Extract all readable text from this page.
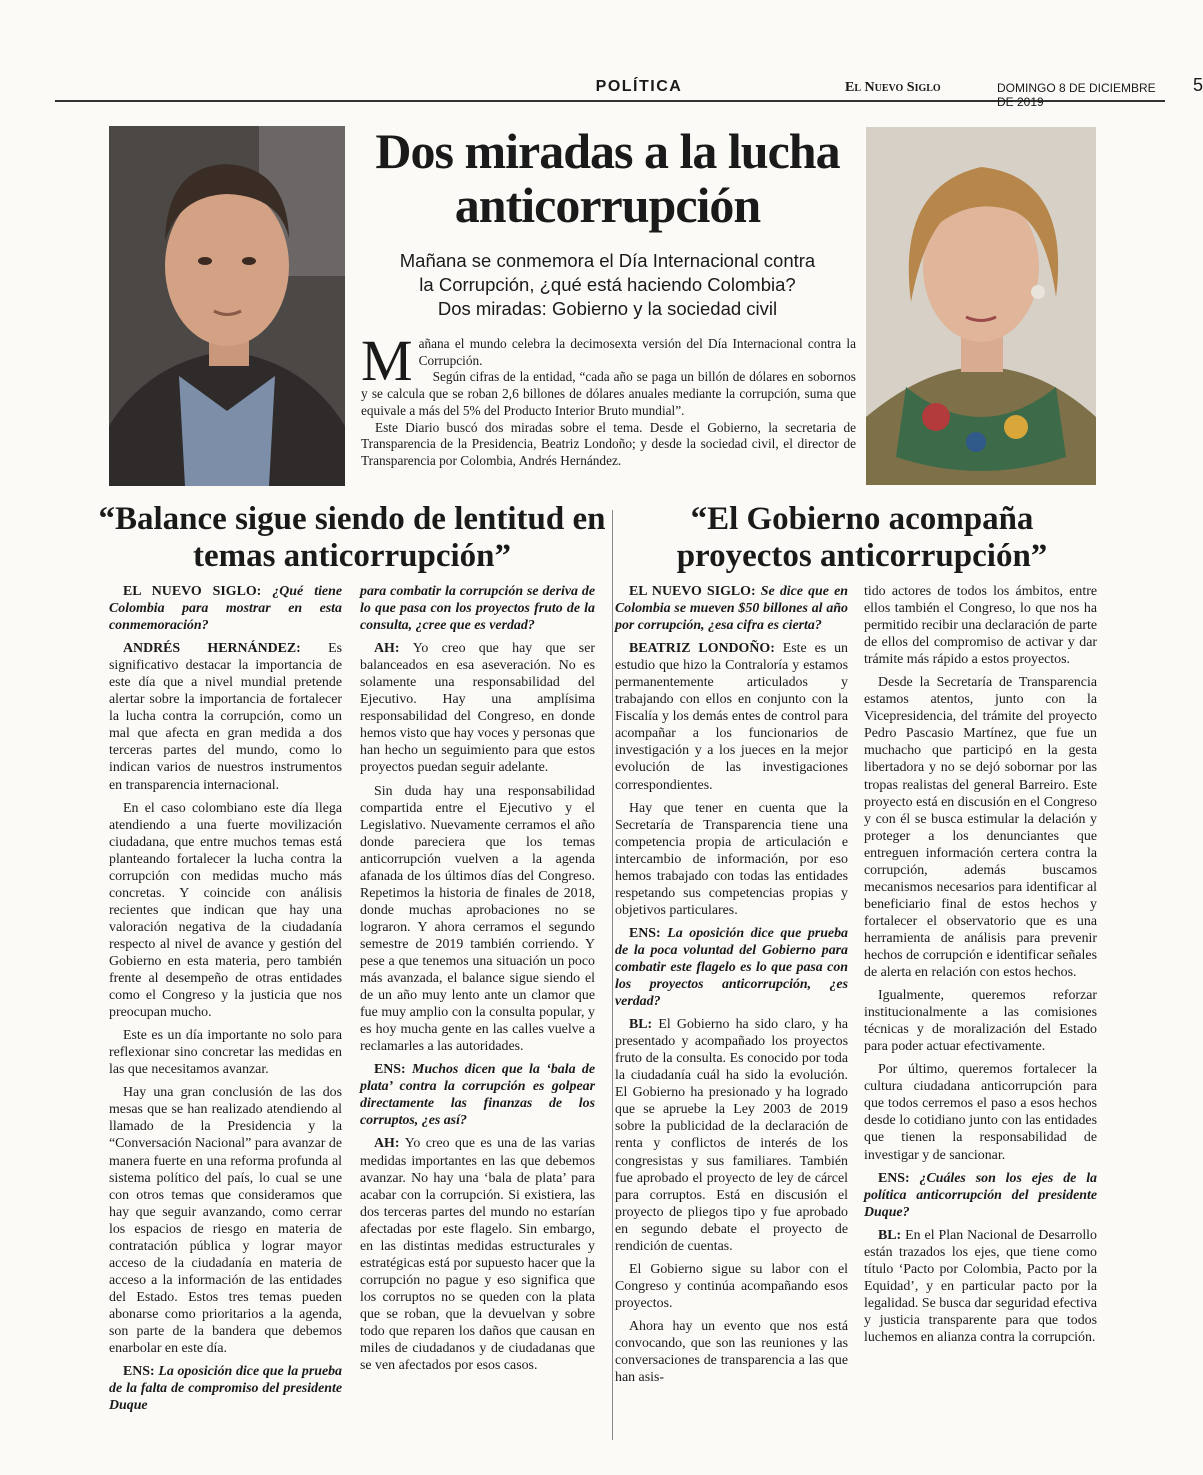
POLÍTICA	El Nuevo Siglo	DOMINGO 8 DE DICIEMBRE DE 2019
5
Dos miradas a la lucha anticorrupción
Mañana se conmemora el Día Internacional contra
la Corrupción, ¿qué está haciendo Colombia?
Dos miradas: Gobierno y la sociedad civil

Mañana el mundo celebra la decimosexta versión del Día Internacional contra la Corrupción.

Según cifras de la entidad, “cada año se paga un billón de dólares en sobornos y se calcula que se roban 2,6 billones de dólares anuales mediante la corrupción, suma que equivale a más del 5% del Producto Interior Bruto mundial”.

Este Diario buscó dos miradas sobre el tema. Desde el Gobierno, la secretaria de Transparencia de la Presidencia, Beatriz Londoño; y desde la sociedad civil, el director de Transparencia por Colombia, Andrés Hernández.

“Balance sigue siendo de lentitud en temas anticorrupción”
“El Gobierno acompaña proyectos anticorrupción”

EL NUEVO SIGLO: ¿Qué tiene Colombia para mostrar en esta conmemoración?

ANDRÉS HERNÁNDEZ: Es significativo destacar la importancia de este día que a nivel mundial pretende alertar sobre la importancia de fortalecer la lucha contra la corrupción, como un mal que afecta en gran medida a dos terceras partes del mundo, como lo indican varios de nuestros instrumentos en transparencia internacional.

En el caso colombiano este día llega atendiendo a una fuerte movilización ciudadana, que entre muchos temas está planteando fortalecer la lucha contra la corrupción con medidas mucho más concretas. Y coincide con análisis recientes que indican que hay una valoración negativa de la ciudadanía respecto al nivel de avance y gestión del Gobierno en esta materia, pero también frente al desempeño de otras entidades como el Congreso y la justicia que nos preocupan mucho.

Este es un día importante no solo para reflexionar sino concretar las medidas en las que necesitamos avanzar.

Hay una gran conclusión de las dos mesas que se han realizado atendiendo al llamado de la Presidencia y la “Conversación Nacional” para avanzar de manera fuerte en una reforma profunda al sistema político del país, lo cual se une con otros temas que consideramos que hay que seguir avanzando, como cerrar los espacios de riesgo en materia de contratación pública y lograr mayor acceso de la ciudadanía en materia de acceso a la información de las entidades del Estado. Estos tres temas pueden abonarse como prioritarios a la agenda, son parte de la bandera que debemos enarbolar en este día.

ENS: La oposición dice que la prueba de la falta de compromiso del presidente Duque

para combatir la corrupción se deriva de lo que pasa con los proyectos fruto de la consulta, ¿cree que es verdad?

AH: Yo creo que hay que ser balanceados en esa aseveración. No es solamente una responsabilidad del Ejecutivo. Hay una amplísima responsabilidad del Congreso, en donde hemos visto que hay voces y personas que han hecho un seguimiento para que estos proyectos puedan seguir adelante.

Sin duda hay una responsabilidad compartida entre el Ejecutivo y el Legislativo. Nuevamente cerramos el año donde pareciera que los temas anticorrupción vuelven a la agenda afanada de los últimos días del Congreso. Repetimos la historia de finales de 2018, donde muchas aprobaciones no se lograron. Y ahora cerramos el segundo semestre de 2019 también corriendo. Y pese a que tenemos una situación un poco más avanzada, el balance sigue siendo el de un año muy lento ante un clamor que fue muy amplio con la consulta popular, y es hoy mucha gente en las calles vuelve a reclamarles a las autoridades.

ENS: Muchos dicen que la ‘bala de plata’ contra la corrupción es golpear directamente las finanzas de los corruptos, ¿es así?

AH: Yo creo que es una de las varias medidas importantes en las que debemos avanzar. No hay una ‘bala de plata’ para acabar con la corrupción. Si existiera, las dos terceras partes del mundo no estarían afectadas por este flagelo. Sin embargo, en las distintas medidas estructurales y estratégicas está por supuesto hacer que la corrupción no pague y eso significa que los corruptos no se queden con la plata que se roban, que la devuelvan y sobre todo que reparen los daños que causan en miles de ciudadanos y de ciudadanas que se ven afectados por esos casos.

EL NUEVO SIGLO: Se dice que en Colombia se mueven $50 billones al año por corrupción, ¿esa cifra es cierta?

BEATRIZ LONDOÑO: Este es un estudio que hizo la Contraloría y estamos permanentemente articulados y trabajando con ellos en conjunto con la Fiscalía y los demás entes de control para acompañar a los funcionarios de investigación y a los jueces en la mejor evolución de las investigaciones correspondientes.

Hay que tener en cuenta que la Secretaría de Transparencia tiene una competencia propia de articulación e intercambio de información, por eso hemos trabajado con todas las entidades respetando sus competencias propias y objetivos particulares.

ENS: La oposición dice que prueba de la poca voluntad del Gobierno para combatir este flagelo es lo que pasa con los proyectos anticorrupción, ¿es verdad?

BL: El Gobierno ha sido claro, y ha presentado y acompañado los proyectos fruto de la consulta. Es conocido por toda la ciudadanía cuál ha sido la evolución. El Gobierno ha presionado y ha logrado que se apruebe la Ley 2003 de 2019 sobre la publicidad de la declaración de renta y conflictos de interés de los congresistas y sus familiares. También fue aprobado el proyecto de ley de cárcel para corruptos. Está en discusión el proyecto de pliegos tipo y fue aprobado en segundo debate el proyecto de rendición de cuentas.

El Gobierno sigue su labor con el Congreso y continúa acompañando esos proyectos.

Ahora hay un evento que nos está convocando, que son las reuniones y las conversaciones de transparencia a las que han asis-

tido actores de todos los ámbitos, entre ellos también el Congreso, lo que nos ha permitido recibir una declaración de parte de ellos del compromiso de activar y dar trámite más rápido a estos proyectos.

Desde la Secretaría de Transparencia estamos atentos, junto con la Vicepresidencia, del trámite del proyecto Pedro Pascasio Martínez, que fue un muchacho que participó en la gesta libertadora y no se dejó sobornar por las tropas realistas del general Barreiro. Este proyecto está en discusión en el Congreso y con él se busca estimular la delación y proteger a los denunciantes que entreguen información certera contra la corrupción, además buscamos mecanismos necesarios para identificar al beneficiario final de estos hechos y fortalecer el observatorio que es una herramienta de análisis para prevenir hechos de corrupción e identificar señales de alerta en relación con estos hechos.

Igualmente, queremos reforzar institucionalmente a las comisiones técnicas y de moralización del Estado para poder actuar efectivamente.

Por último, queremos fortalecer la cultura ciudadana anticorrupción para que todos cerremos el paso a esos hechos desde lo cotidiano junto con las entidades que tienen la responsabilidad de investigar y de sancionar.

ENS: ¿Cuáles son los ejes de la política anticorrupción del presidente Duque?

BL: En el Plan Nacional de Desarrollo están trazados los ejes, que tiene como título ‘Pacto por Colombia, Pacto por la Equidad’, y en particular pacto por la legalidad. Se busca dar seguridad efectiva y justicia transparente para que todos luchemos en alianza contra la corrupción.
